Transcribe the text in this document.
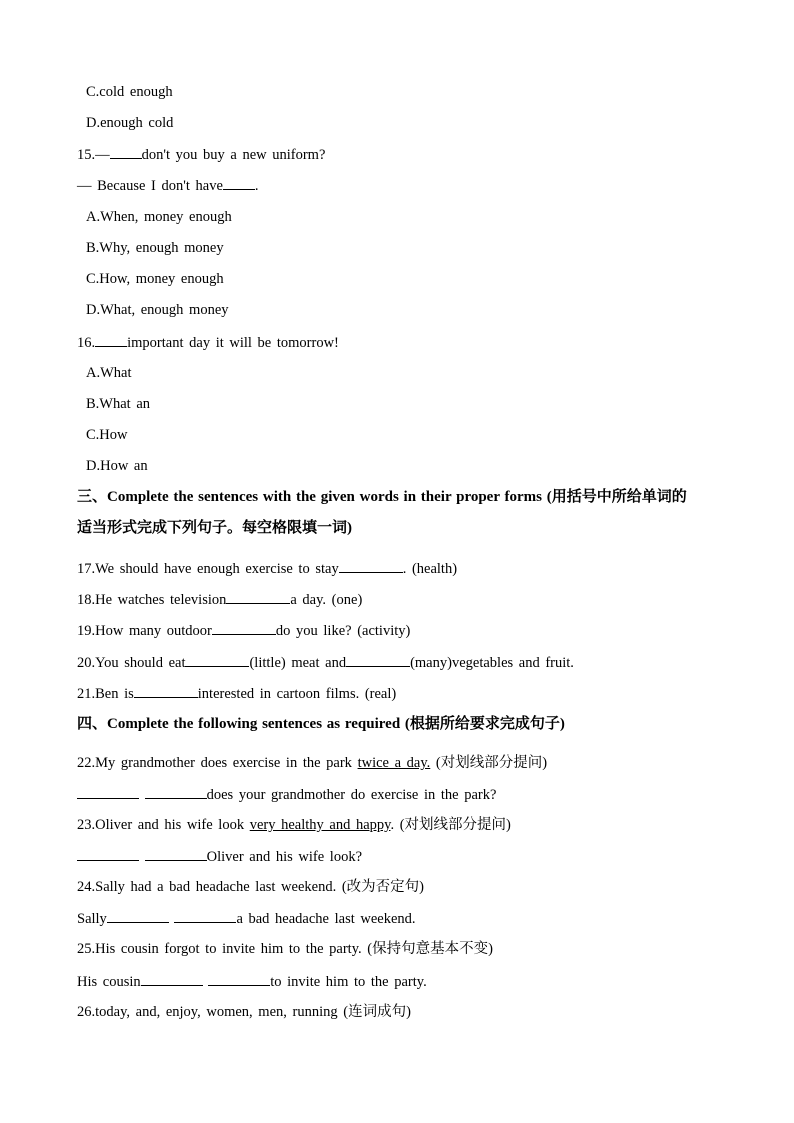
C.cold enough
D.enough cold
15.— don't you buy a new uniform?
— Because I don't have .
A.When, money enough
B.Why, enough money
C.How, money enough
D.What, enough money
16. important day it will be tomorrow!
A.What
B.What an
C.How
D.How an
三、Complete the sentences with the given words in their proper forms (用括号中所给单词的
适当形式完成下列句子。每空格限填一词)
17.We should have enough exercise to stay	. (health)
18.He watches television	a day. (one)
19.How many outdoor	do you like? (activity)
20.You should eat	(little) meat and	(many)vegetables and fruit.
21.Ben is	interested in cartoon films. (real)
四、Complete the following sentences as required (根据所给要求完成句子)
22.My grandmother does exercise in the park twice a day. (对划线部分提问)
does your grandmother do exercise in the park?
23.Oliver and his wife look very healthy and happy. (对划线部分提问)
Oliver and his wife look?
24.Sally had a bad headache last weekend. (改为否定句)
Sally	a bad headache last weekend.
25.His cousin forgot to invite him to the party. (保持句意基本不变)
His cousin	to invite him to the party.
26.today, and, enjoy, women, men, running (连词成句)
